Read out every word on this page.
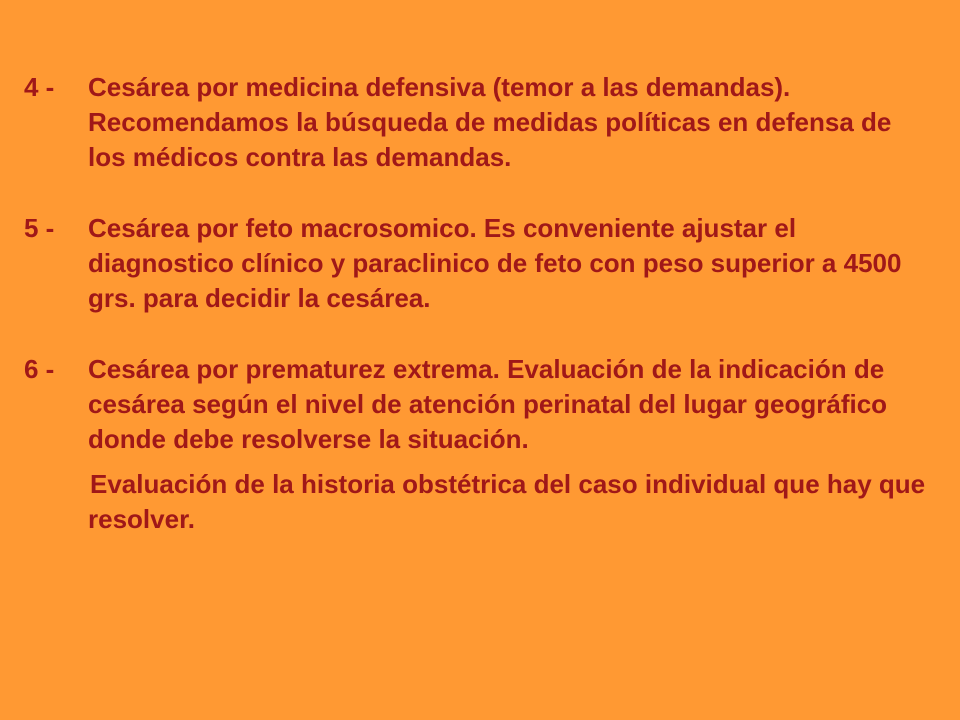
4 -	Cesárea por medicina defensiva (temor a las demandas). Recomendamos la búsqueda de medidas políticas en defensa de los médicos contra las demandas.
5 -	Cesárea por feto macrosomico. Es conveniente ajustar el diagnostico clínico y paraclinico de feto con peso superior a 4500 grs. para decidir la cesárea.
6 -	Cesárea por prematurez extrema. Evaluación de la indicación de cesárea según el nivel de atención perinatal del lugar geográfico donde debe resolverse la situación.
Evaluación de la historia obstétrica del caso individual que hay que resolver.
